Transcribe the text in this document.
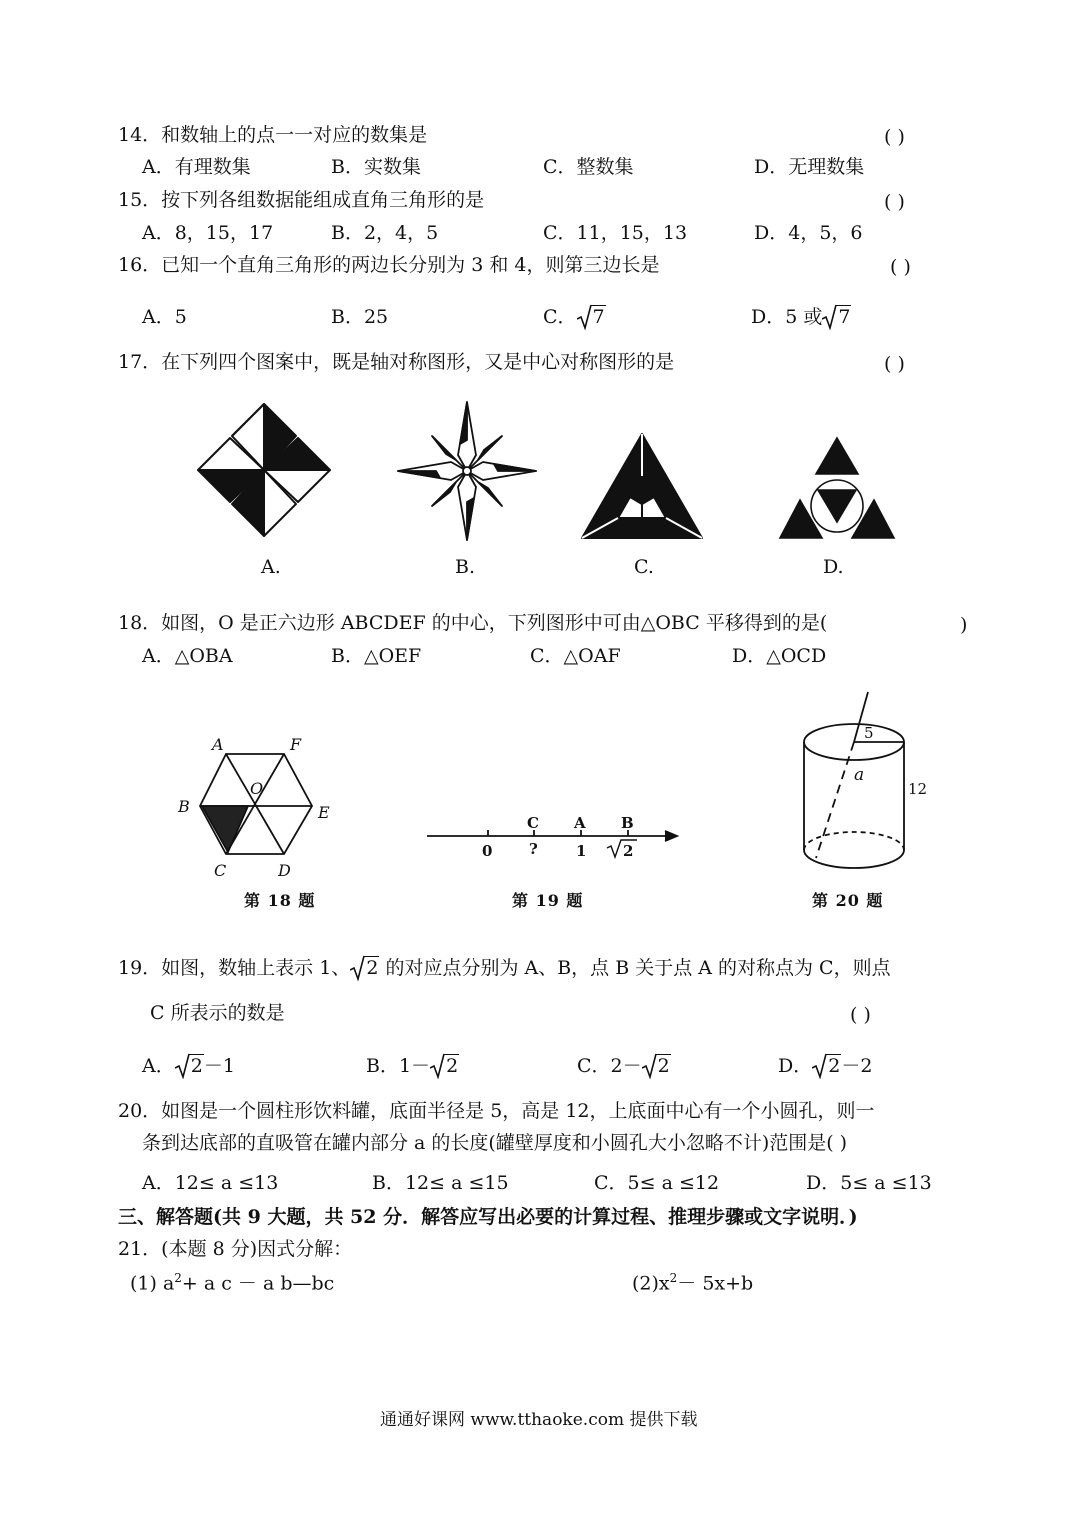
14．和数轴上的点一一对应的数集是	( )
A．有理数集	B．实数集	C．整数集	D．无理数集
15．按下列各组数据能组成直角三角形的是	( )
A．8，15，17	B．2，4，5	C．11，15，13	D．4，5，6
16．已知一个直角三角形的两边长分别为 3 和 4，则第三边长是	( )
A．5	B．25	C． 7	D．5 或 7
17．在下列四个图案中，既是轴对称图形，又是中心对称图形的是	( )
A.	B.	C.	D.
18．如图，O 是正六边形 ABCDEF 的中心，下列图形中可由△OBC 平移得到的是(	)
A．△OBA	B．△OEF	C．△OAF	D．△OCD
A	F
O
B	E
C	D
第 18 题
C A B
0 ?	1 2
第 19 题
5
a
12
第 20 题
19．如图，数轴上表示 1、 2 的对应点分别为 A、B，点 B 关于点 A 的对称点为 C，则点
C 所表示的数是	( )
A． 2－1	B．1－ 2	C．2－ 2	D． 2－2
20．如图是一个圆柱形饮料罐，底面半径是 5，高是 12，上底面中心有一个小圆孔，则一
条到达底部的直吸管在罐内部分 a 的长度(罐壁厚度和小圆孔大小忽略不计)范围是( )
A．12≤ a ≤13	B．12≤ a ≤15	C．5≤ a ≤12	D．5≤ a ≤13
三、解答题(共 9 大题，共 52 分．解答应写出必要的计算过程、推理步骤或文字说明．)
21．(本题 8 分)因式分解：
(1) $a^2+ a$ c － a b—bc	$(2)x^2- 5x+b$
通通好课网 www.tthaoke.com 提供下载
